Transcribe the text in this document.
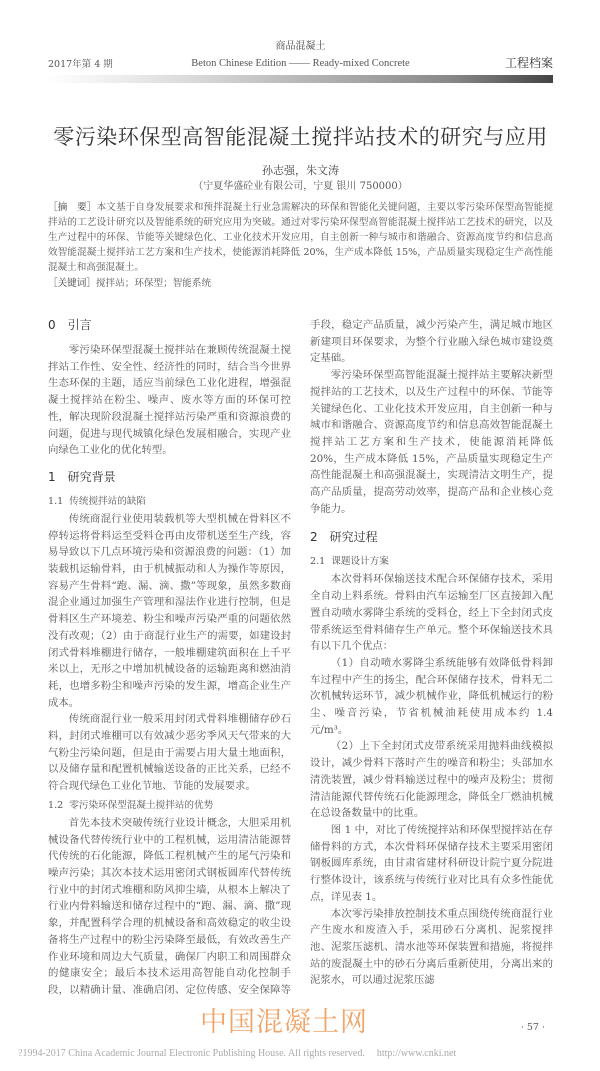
商品混凝土
2017年第 4 期	Beton Chinese Edition —— Ready-mixed Concrete	工程档案
零污染环保型高智能混凝土搅拌站技术的研究与应用
孙志强，朱文涛
（宁夏华盛砼业有限公司，宁夏 银川 750000）
［摘　要］本文基于自身发展要求和预拌混凝土行业急需解决的环保和智能化关键问题，主要以零污染环保型高智能搅拌站的工艺设计研究以及智能系统的研究应用为突破。通过对零污染环保型高智能混凝土搅拌站工艺技术的研究，以及生产过程中的环保、节能等关键绿色化、工业化技术开发应用，自主创新一种与城市和谐融合、资源高度节约和信息高效智能混凝土搅拌站工艺方案和生产技术，使能源消耗降低 20%，生产成本降低 15%，产品质量实现稳定生产高性能混凝土和高强混凝土。
［关键词］搅拌站；环保型；智能系统
0 引言

零污染环保型混凝土搅拌站在兼顾传统混凝土搅拌站工作性、安全性、经济性的同时，结合当今世界生态环保的主题，适应当前绿色工业化进程，增强混凝土搅拌站在粉尘、噪声、废水等方面的环保可控性，解决现阶段混凝土搅拌站污染严重和资源浪费的问题，促进与现代城镇化绿色发展相融合，实现产业向绿色工业化的优化转型。

1 研究背景
1.1 传统搅拌站的缺陷

传统商混行业使用装载机等大型机械在骨料区不停转运将骨料运至受料仓再由皮带机送至生产线，容易导致以下几点环境污染和资源浪费的问题：（1）加装载机运输骨料，由于机械振动和人为操作等原因，容易产生骨料“跑、漏、滴、撒”等现象，虽然多数商混企业通过加强生产管理和湿法作业进行控制，但是骨料区生产环境差、粉尘和噪声污染严重的问题依然没有改观；（2）由于商混行业生产的需要，如建设封闭式骨料堆棚进行储存，一般堆棚建筑面积在上千平米以上，无形之中增加机械设备的运输距离和燃油消耗，也增多粉尘和噪声污染的发生源，增高企业生产成本。

传统商混行业一般采用封闭式骨料堆棚储存砂石料，封闭式堆棚可以有效减少恶劣季风天气带来的大气粉尘污染问题，但是由于需要占用大量土地面积，以及储存量和配置机械输送设备的正比关系，已经不符合现代绿色工业化节地、节能的发展要求。

1.2 零污染环保型混凝土搅拌站的优势

首先本技术突破传统行业设计概念，大胆采用机械设备代替传统行业中的工程机械，运用清洁能源替代传统的石化能源，降低工程机械产生的尾气污染和噪声污染；其次本技术运用密闭式钢板圆库代替传统行业中的封闭式堆棚和防风抑尘墙，从根本上解决了行业内骨料输送和储存过程中的“跑、漏、滴、撒”现象，并配置科学合理的机械设备和高效稳定的收尘设备将生产过程中的粉尘污染降至最低，有效改善生产作业环境和周边大气质量，确保厂内职工和周围群众的健康安全；最后本技术运用高智能自动化控制手段，以精确计量、准确启闭、定位传感、安全保障等手段，稳定产品质量，减少污染产生，满足城市地区新建项目环保要求，为整个行业融入绿色城市建设奠定基础。

零污染环保型高智能混凝土搅拌站主要解决新型搅拌站的工艺技术，以及生产过程中的环保、节能等关键绿色化、工业化技术开发应用，自主创新一种与城市和谐融合、资源高度节约和信息高效智能混凝土搅拌站工艺方案和生产技术，使能源消耗降低 20%，生产成本降低 15%，产品质量实现稳定生产高性能混凝土和高强混凝土，实现清洁文明生产，提高产品质量，提高劳动效率，提高产品和企业核心竞争能力。

2 研究过程
2.1 课题设计方案

本次骨料环保输送技术配合环保储存技术，采用全自动上料系统。骨料由汽车运输至厂区直接卸入配置自动喷水雾降尘系统的受料仓，经上下全封闭式皮带系统运至骨料储存生产单元。整个环保输送技术具有以下几个优点：

（1）自动喷水雾降尘系统能够有效降低骨料卸车过程中产生的扬尘，配合环保储存技术，骨料无二次机械转运环节，减少机械作业，降低机械运行的粉尘、噪音污染，节省机械油耗使用成本约 1.4元/m³。

（2）上下全封闭式皮带系统采用抛料曲线模拟设计，减少骨料下落时产生的噪音和粉尘；头部加水清洗装置，减少骨料输送过程中的噪声及粉尘；贯彻清洁能源代替传统石化能源理念，降低全厂燃油机械在总设备数量中的比重。

图 1 中，对比了传统搅拌站和环保型搅拌站在存储骨料的方式，本次骨料环保储存技术主要采用密闭钢板圆库系统，由甘肃省建材科研设计院宁夏分院进行整体设计，该系统与传统行业对比具有众多性能优点，详见表 1。

本次零污染排放控制技术重点围绕传统商混行业产生废水和废渣入手，采用砂石分离机、泥浆搅拌池、泥浆压滤机、清水池等环保装置和措施，将搅拌站的废混凝土中的砂石分离后重新使用，分离出来的泥浆水，可以通过泥浆压滤

中国混凝土网	· 57 ·
?1994-2017 China Academic Journal Electronic Publishing House. All rights reserved. http://www.cnki.net
